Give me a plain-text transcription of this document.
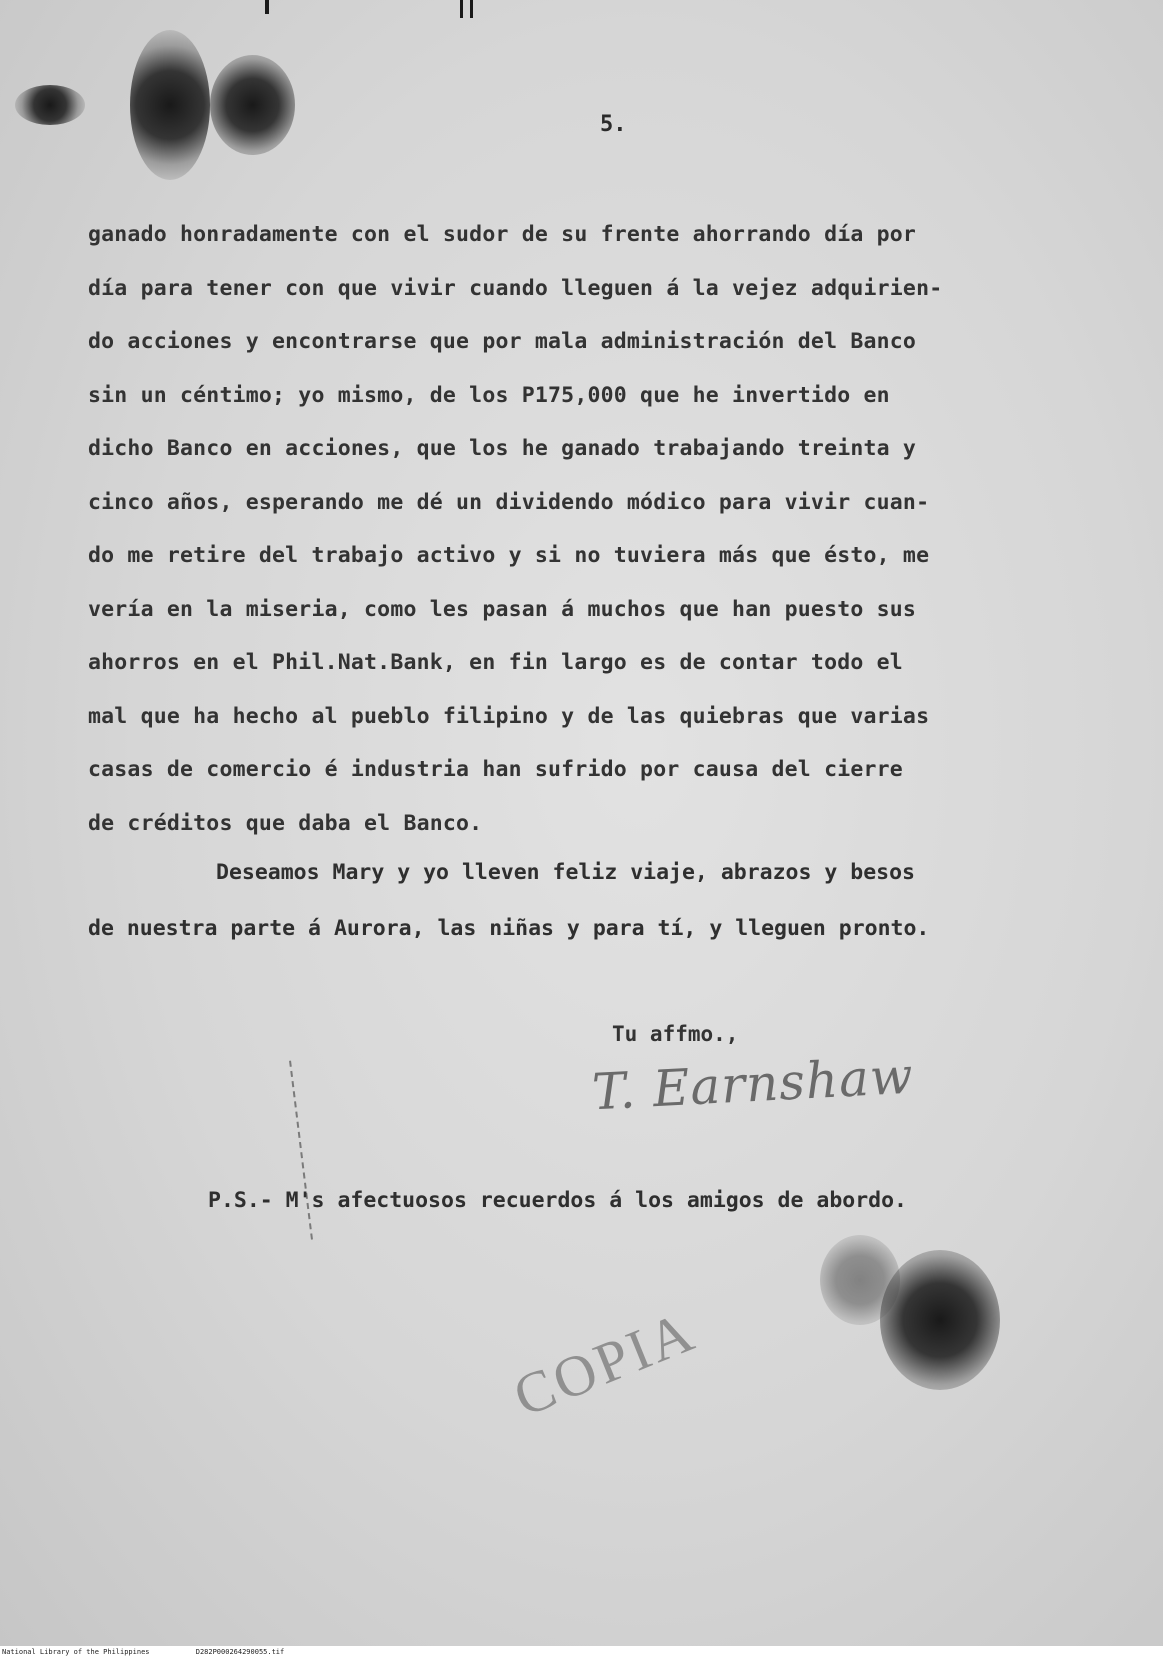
5.
ganado honradamente con el sudor de su frente ahorrando día por
día para tener con que vivir cuando lleguen á la vejez adquirien-
do acciones y encontrarse que por mala administración del Banco
sin un céntimo; yo mismo, de los P175,000 que he invertido en
dicho Banco en acciones, que los he ganado trabajando treinta y
cinco años, esperando me dé un dividendo módico para vivir cuan-
do me retire del trabajo activo y si no tuviera más que ésto, me
vería en la miseria, como les pasan á muchos que han puesto sus
ahorros en el Phil.Nat.Bank, en fin largo es de contar todo el
mal que ha hecho al pueblo filipino y de las quiebras que varias
casas de comercio é industria han sufrido por causa del cierre
de créditos que daba el Banco.
Deseamos Mary y yo lleven feliz viaje, abrazos y besos
de nuestra parte á Aurora, las niñas y para tí, y lleguen pronto.
Tu affmo.,
T. Earnshaw
P.S.- M's afectuosos recuerdos á los amigos de abordo.
COPIA
National Library of the Philippines	D282P000264290055.tif
